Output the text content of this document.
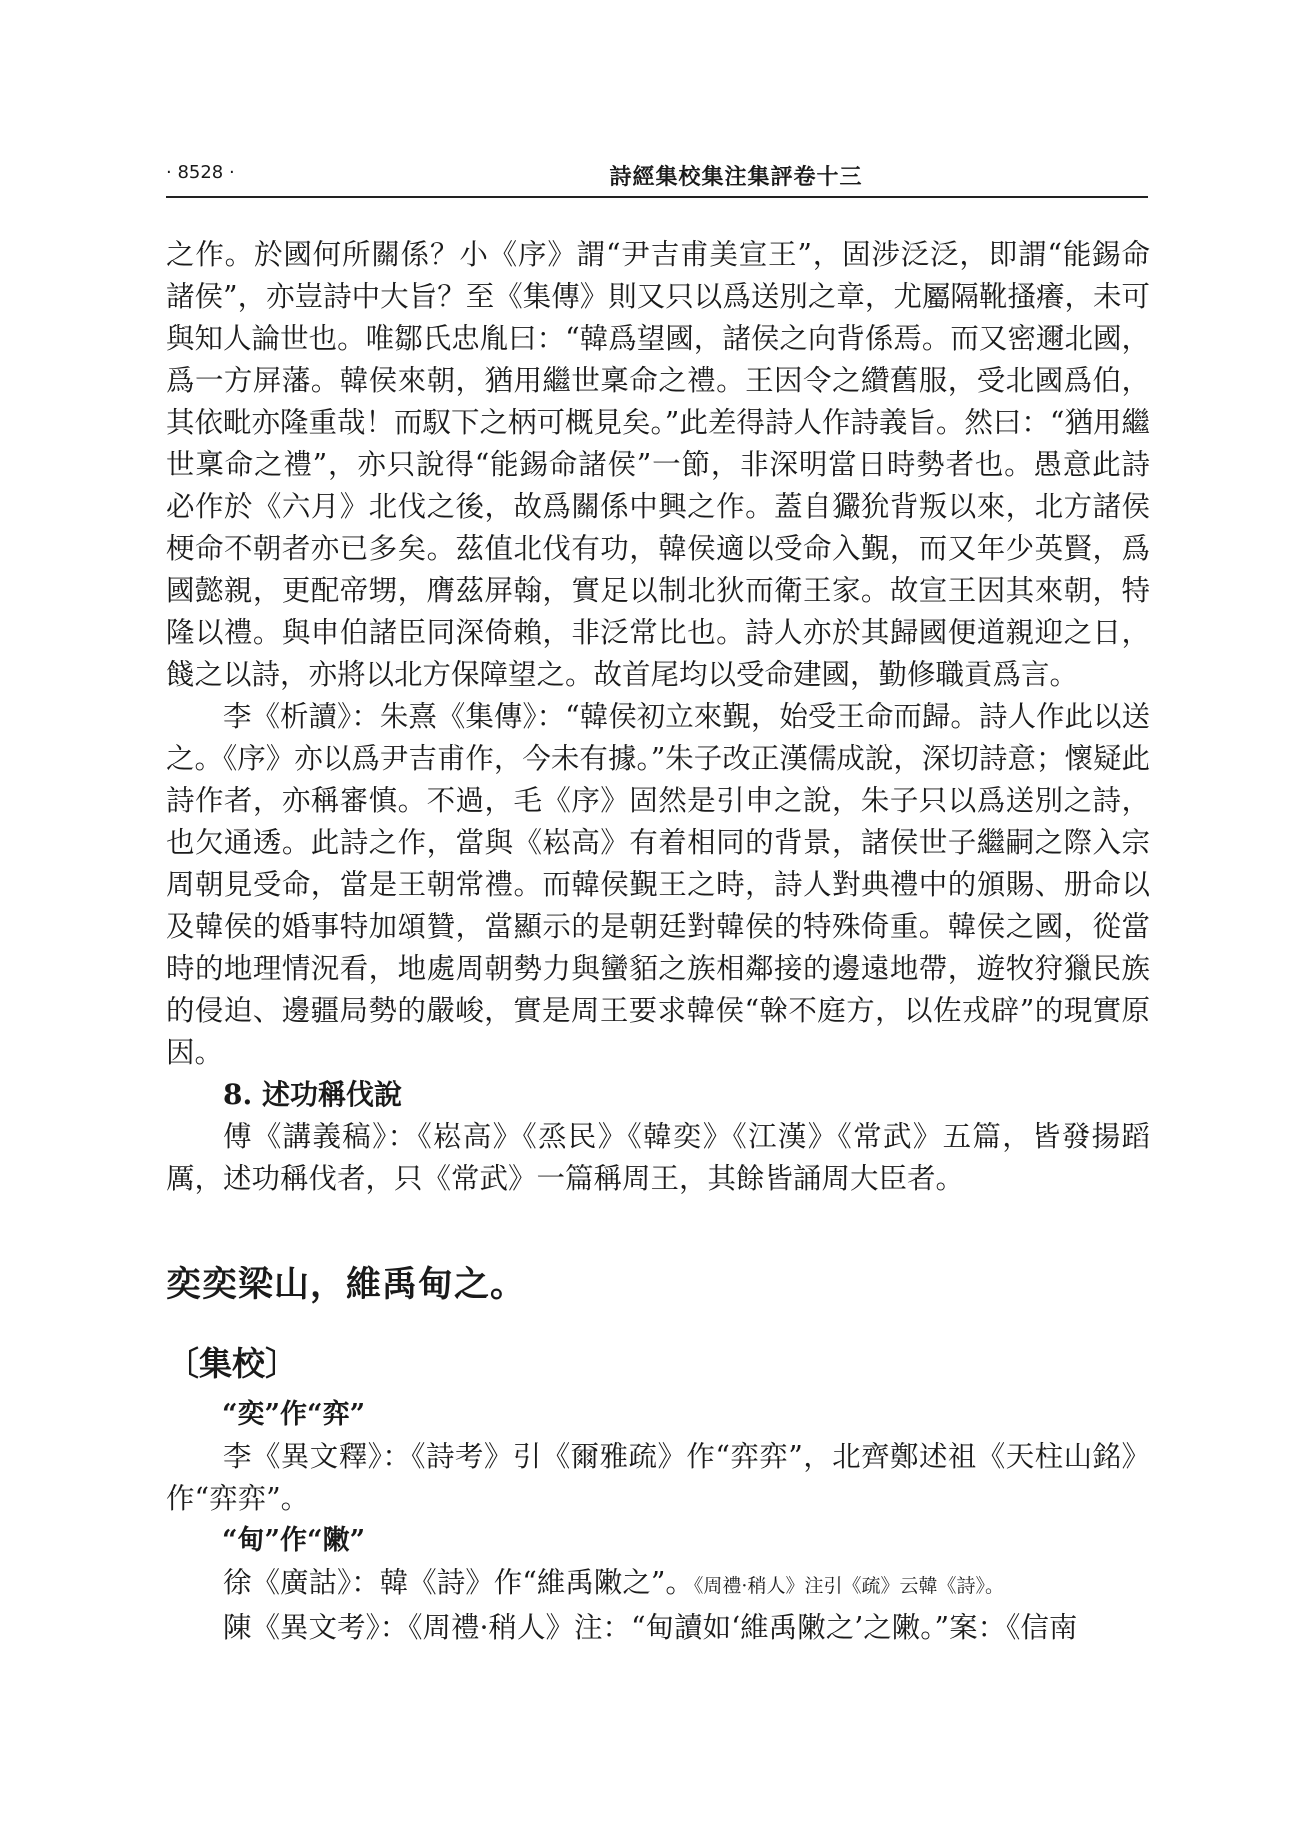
· 8528 ·	詩經集校集注集評卷十三

之作。於國何所關係？小《序》謂“尹吉甫美宣王”，固涉泛泛，即謂“能錫命諸侯”，亦豈詩中大旨？至《集傳》則又只以爲送別之章，尤屬隔靴搔癢，未可與知人論世也。唯鄒氏忠胤曰：“韓爲望國，諸侯之向背係焉。而又密邇北國，爲一方屏藩。韓侯來朝，猶用繼世稟命之禮。王因令之纘舊服，受北國爲伯，其依毗亦隆重哉！而馭下之柄可概見矣。”此差得詩人作詩義旨。然曰：“猶用繼世稟命之禮”，亦只說得“能錫命諸侯”一節，非深明當日時勢者也。愚意此詩必作於《六月》北伐之後，故爲關係中興之作。蓋自玁狁背叛以來，北方諸侯梗命不朝者亦已多矣。茲值北伐有功，韓侯適以受命入覲，而又年少英賢，爲國懿親，更配帝甥，膺茲屏翰，實足以制北狄而衛王家。故宣王因其來朝，特隆以禮。與申伯諸臣同深倚賴，非泛常比也。詩人亦於其歸國便道親迎之日，餞之以詩，亦將以北方保障望之。故首尾均以受命建國，勤修職貢爲言。

李《析讀》：朱熹《集傳》：“韓侯初立來覲，始受王命而歸。詩人作此以送之。《序》亦以爲尹吉甫作，今未有據。”朱子改正漢儒成說，深切詩意；懷疑此詩作者，亦稱審慎。不過，毛《序》固然是引申之說，朱子只以爲送別之詩，也欠通透。此詩之作，當與《崧高》有着相同的背景，諸侯世子繼嗣之際入宗周朝見受命，當是王朝常禮。而韓侯覲王之時，詩人對典禮中的頒賜、册命以及韓侯的婚事特加頌贊，當顯示的是朝廷對韓侯的特殊倚重。韓侯之國，從當時的地理情況看，地處周朝勢力與蠻貊之族相鄰接的邊遠地帶，遊牧狩獵民族的侵迫、邊疆局勢的嚴峻，實是周王要求韓侯“榦不庭方，以佐戎辟”的現實原因。

8. 述功稱伐說

傅《講義稿》：《崧高》《烝民》《韓奕》《江漢》《常武》五篇，皆發揚蹈厲，述功稱伐者，只《常武》一篇稱周王，其餘皆誦周大臣者。

奕奕梁山，維禹甸之。

〔集校〕

“奕”作“弈”

李《異文釋》：《詩考》引《爾雅疏》作“弈弈”，北齊鄭述祖《天柱山銘》作“弈弈”。

“甸”作“敶”

徐《廣詁》：韓《詩》作“維禹敶之”。《周禮·稍人》注引《疏》云韓《詩》。

陳《異文考》：《周禮·稍人》注：“甸讀如‘維禹敶之’之敶。”案：《信南
